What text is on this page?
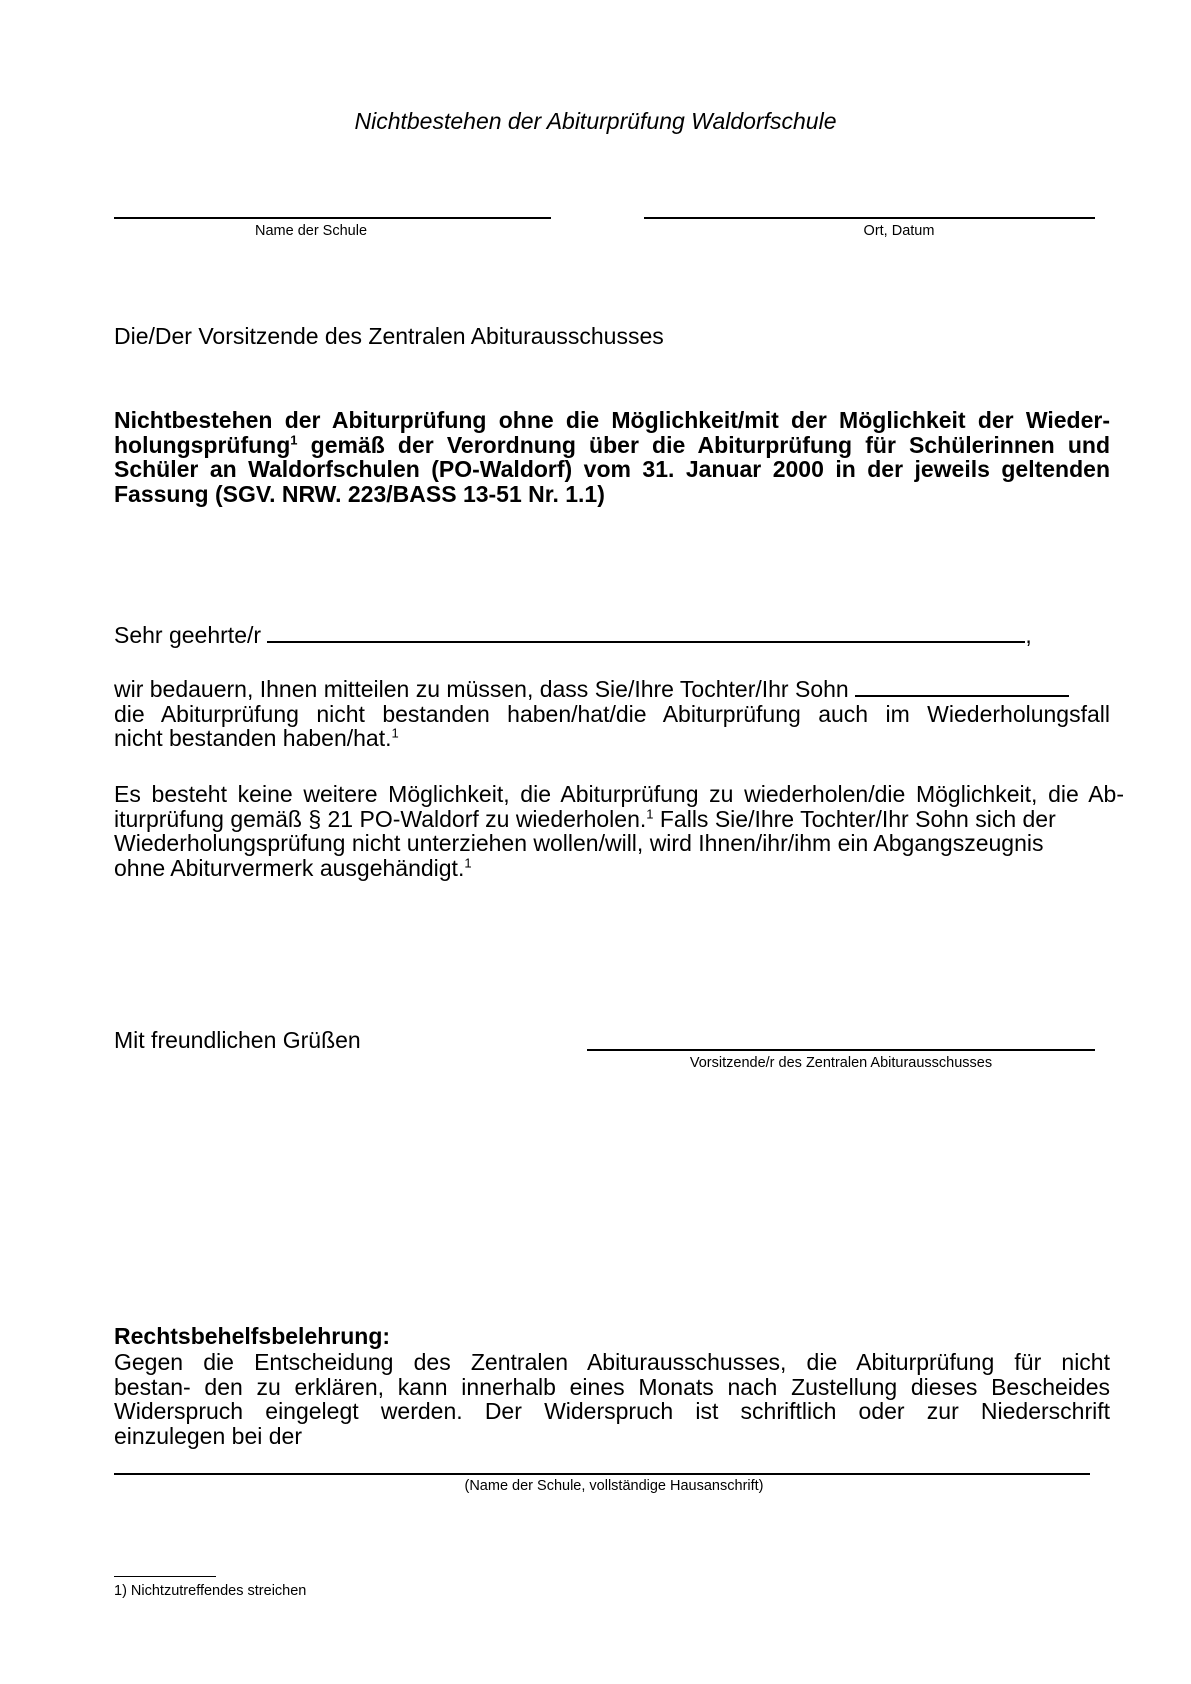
Nichtbestehen der Abiturprüfung Waldorfschule
Name der Schule	Ort, Datum
Die/Der Vorsitzende des Zentralen Abiturausschusses
Nichtbestehen der Abiturprüfung ohne die Möglichkeit/mit der Möglichkeit der Wieder-
holungsprüfung$^1$ gemäß der Verordnung über die Abiturprüfung für Schülerinnen und
Schüler an Waldorfschulen (PO-Waldorf) vom 31. Januar 2000 in der jeweils geltenden
Fassung (SGV. NRW. 223/BASS 13-51 Nr. 1.1)
Sehr geehrte/r	,
wir bedauern, Ihnen mitteilen zu müssen, dass Sie/Ihre Tochter/Ihr Sohn
die Abiturprüfung nicht bestanden haben/hat/die Abiturprüfung auch im Wiederholungsfall
nicht bestanden haben/hat.$^1$
Es besteht keine weitere Möglichkeit, die Abiturprüfung zu wiederholen/die Möglichkeit, die Ab-
iturprüfung gemäß § 21 PO-Waldorf zu wiederholen.$^1$ Falls Sie/Ihre Tochter/Ihr Sohn sich der
Wiederholungsprüfung nicht unterziehen wollen/will, wird Ihnen/ihr/ihm ein Abgangszeugnis
ohne Abiturvermerk ausgehändigt.$^1$
Mit freundlichen Grüßen
Vorsitzende/r des Zentralen Abiturausschusses
Rechtsbehelfsbelehrung:
Gegen die Entscheidung des Zentralen Abiturausschusses, die Abiturprüfung für nicht
bestan- den zu erklären, kann innerhalb eines Monats nach Zustellung dieses Bescheides
Widerspruch eingelegt werden. Der Widerspruch ist schriftlich oder zur Niederschrift
einzulegen bei der
(Name der Schule, vollständige Hausanschrift)
1) Nichtzutreffendes streichen
